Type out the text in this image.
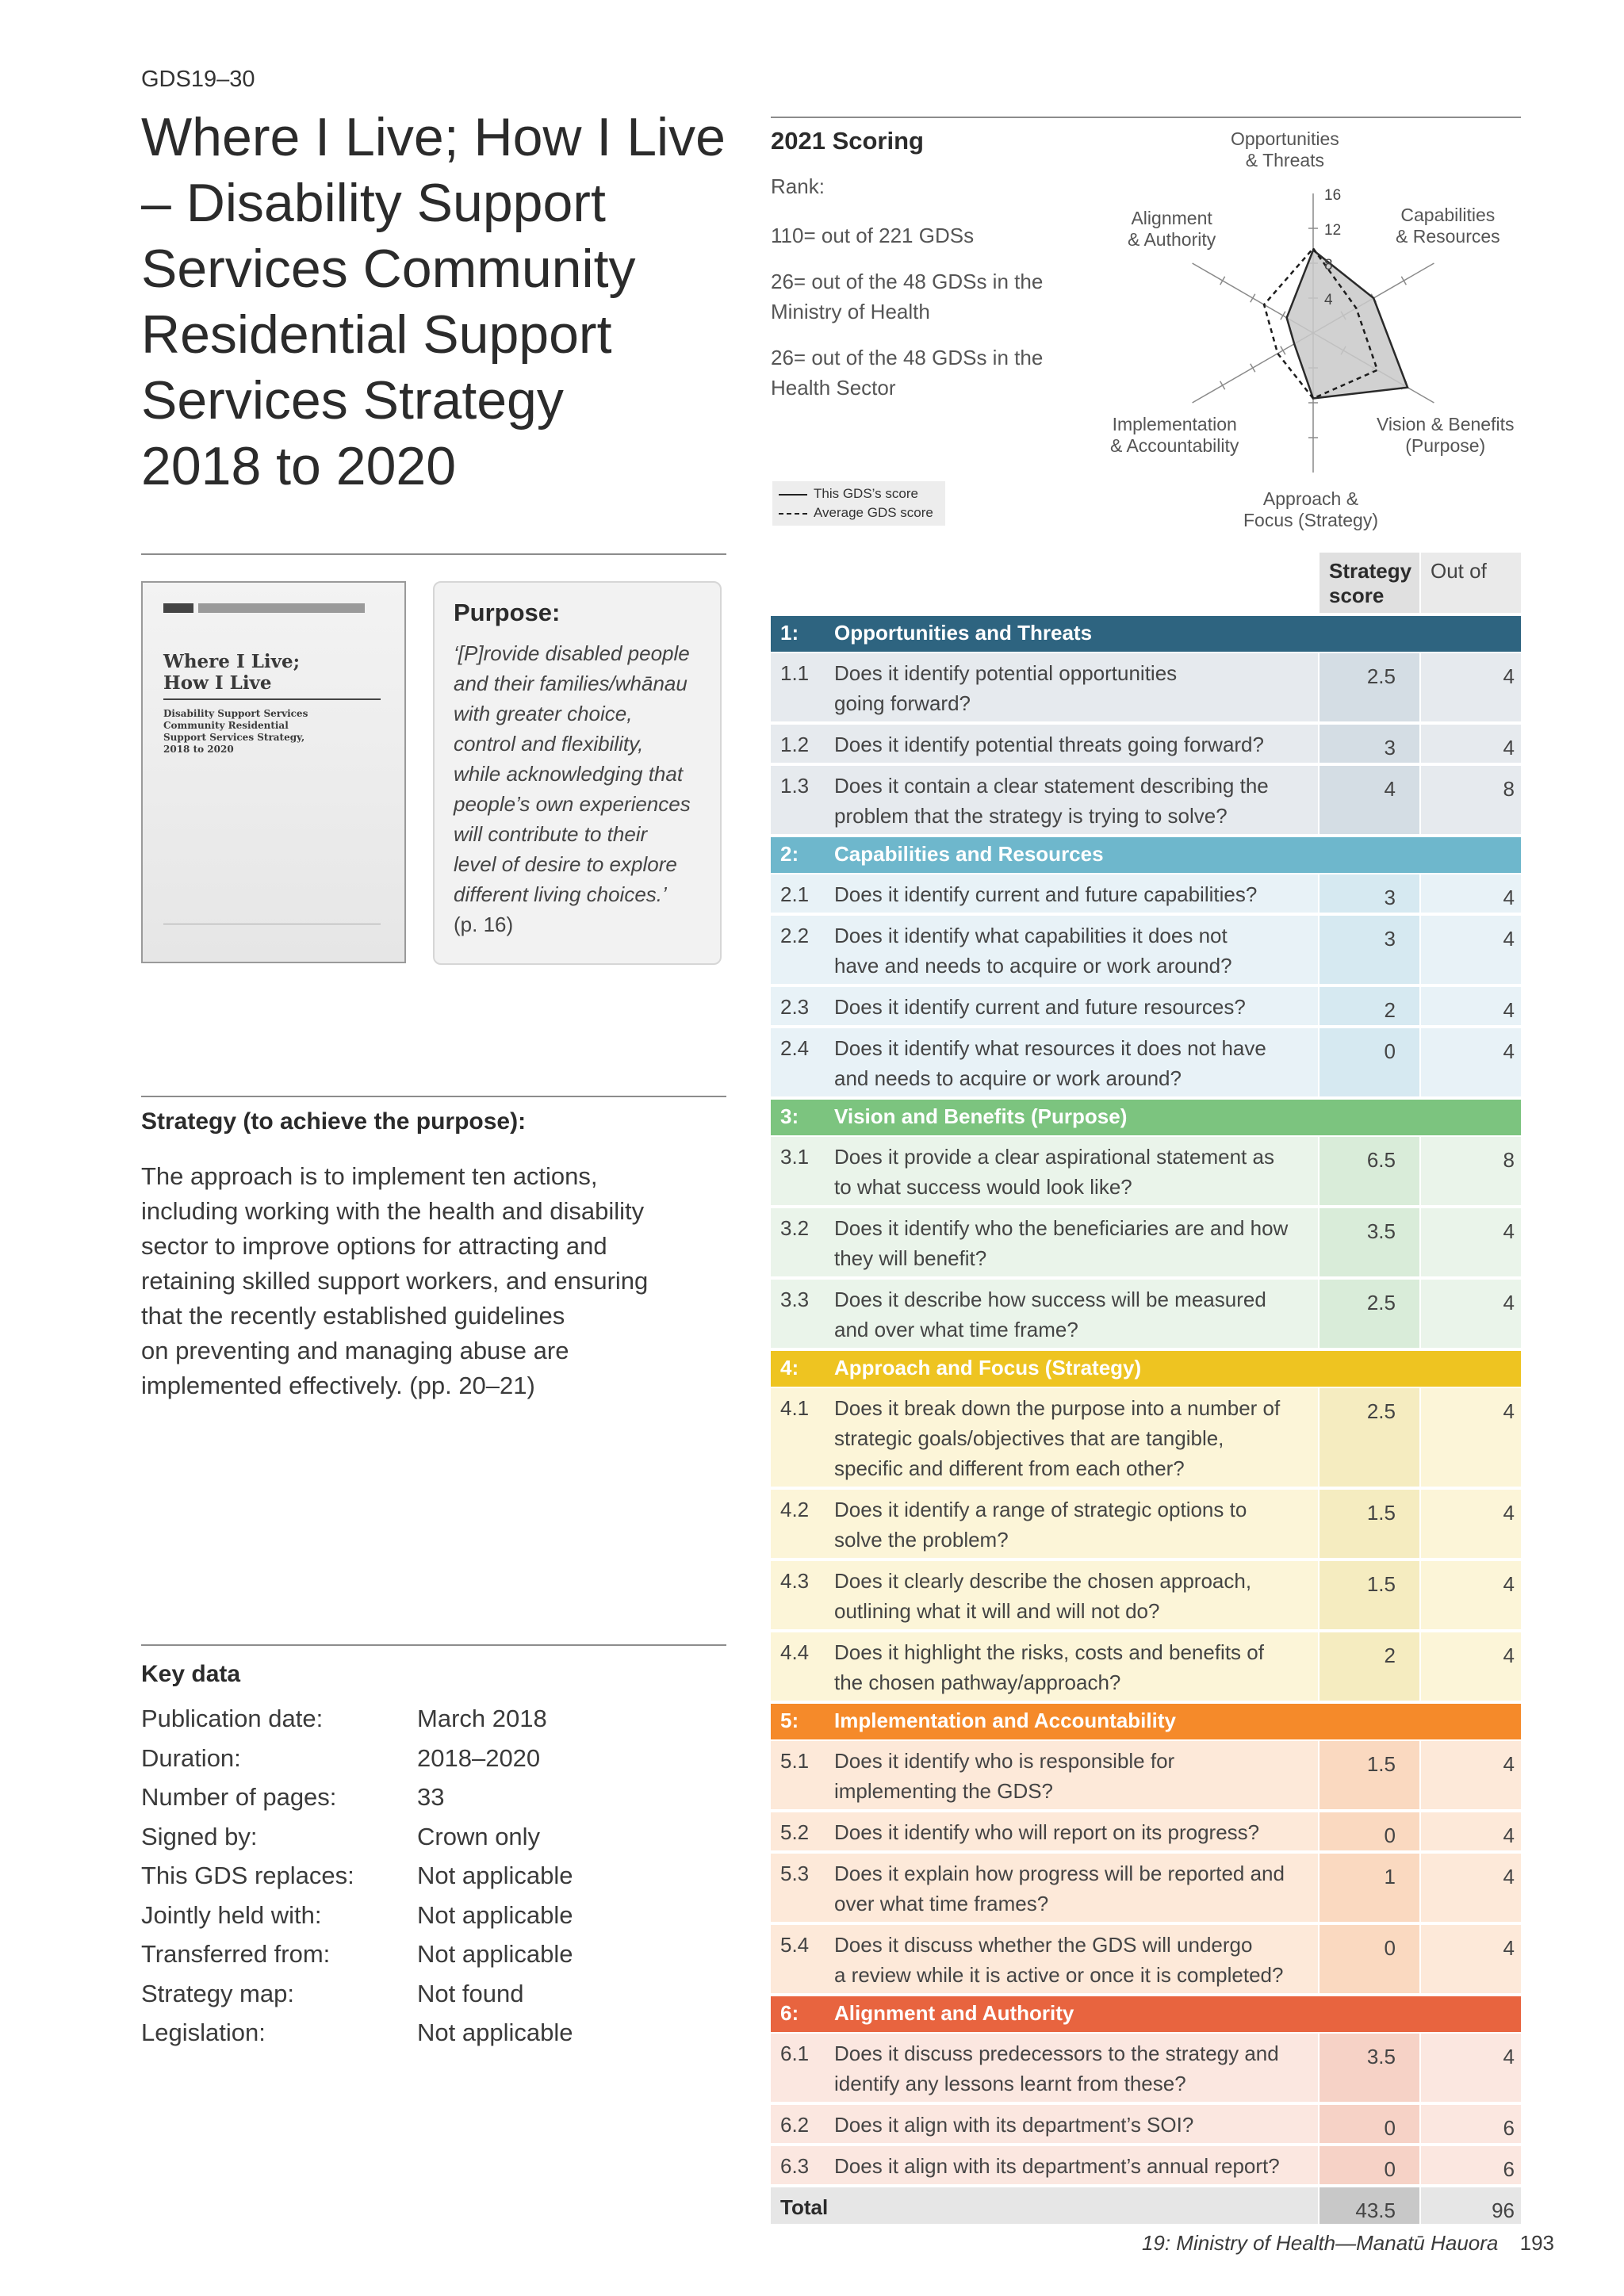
GDS19–30
Where I Live; How I Live
– Disability Support
Services Community
Residential Support
Services Strategy
2018 to 2020
Where I Live;
How I Live
Disability Support Services
Community Residential
Support Services Strategy,
2018 to 2020
Purpose:
‘[P]rovide disabled people
and their families/whānau
with greater choice,
control and flexibility,
while acknowledging that
people’s own experiences
will contribute to their
level of desire to explore
different living choices.’
(p. 16)
Strategy (to achieve the purpose):
The approach is to implement ten actions,
including working with the health and disability
sector to improve options for attracting and
retaining skilled support workers, and ensuring
that the recently established guidelines
on preventing and managing abuse are
implemented effectively. (pp. 20–21)
Key data
Publication date:	March 2018
Duration:	2018–2020
Number of pages:	33
Signed by:	Crown only
This GDS replaces:	Not applicable
Jointly held with:	Not applicable
Transferred from:	Not applicable
Strategy map:	Not found
Legislation:	Not applicable
2021 Scoring
Rank:
110= out of 221 GDSs
26= out of the 48 GDSs in the
Ministry of Health
26= out of the 48 GDSs in the
Health Sector
This GDS’s score
Average GDS score
4
8
12
16
Opportunities
& Threats
Capabilities
& Resources
Vision & Benefits
(Purpose)
Approach &
Focus (Strategy)
Implementation
& Accountability
Alignment
& Authority
Strategy
score
Out of
1: Opportunities and Threats
1.1 Does it identify potential opportunities
going forward?
2.5	4
1.2 Does it identify potential threats going forward?	3	4
1.3 Does it contain a clear statement describing the
problem that the strategy is trying to solve?
4	8
2: Capabilities and Resources
2.1 Does it identify current and future capabilities?	3	4
2.2 Does it identify what capabilities it does not
have and needs to acquire or work around?
3	4
2.3 Does it identify current and future resources?	2	4
2.4 Does it identify what resources it does not have
and needs to acquire or work around?
0	4
3: Vision and Benefits (Purpose)
3.1 Does it provide a clear aspirational statement as
to what success would look like?
6.5	8
3.2 Does it identify who the beneficiaries are and how
they will benefit?
3.5	4
3.3 Does it describe how success will be measured
and over what time frame?
2.5	4
4: Approach and Focus (Strategy)
4.1 Does it break down the purpose into a number of
strategic goals/objectives that are tangible,
specific and different from each other?
2.5	4
4.2 Does it identify a range of strategic options to
solve the problem?
1.5	4
4.3 Does it clearly describe the chosen approach,
outlining what it will and will not do?
1.5	4
4.4 Does it highlight the risks, costs and benefits of
the chosen pathway/approach?
2	4
5: Implementation and Accountability
5.1 Does it identify who is responsible for
implementing the GDS?
1.5	4
5.2 Does it identify who will report on its progress?	0	4
5.3 Does it explain how progress will be reported and
over what time frames?
1	4
5.4 Does it discuss whether the GDS will undergo
a review while it is active or once it is completed?
0	4
6: Alignment and Authority
6.1 Does it discuss predecessors to the strategy and
identify any lessons learnt from these?
3.5	4
6.2 Does it align with its department’s SOI?	0	6
6.3 Does it align with its department’s annual report?	0	6
Total	43.5	96
19: Ministry of Health—Manatū Hauora 193
